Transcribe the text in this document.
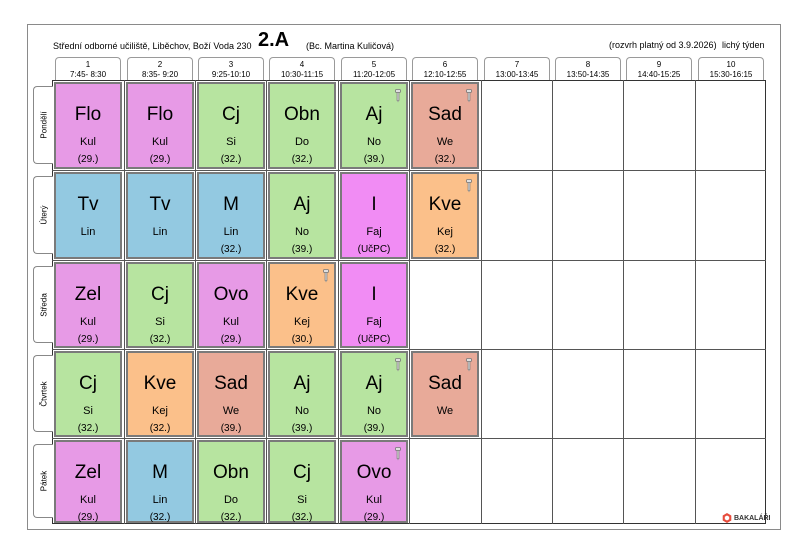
Střední odborné učiliště, Liběchov, Boží Voda 230 2.A (Bc. Martina Kuličová)	(rozvrh platný od 3.9.2026) lichý týden
1
7:45- 8:30
2
8:35- 9:20
3
9:25-10:10
4
10:30-11:15
5
11:20-12:05
6
12:10-12:55
7
13:00-13:45
8
13:50-14:35
9
14:40-15:25
10
15:30-16:15
Pondělí
Úterý
Středa
Čtvrtek
Pátek
Flo
Kul
(29.)
Flo
Kul
(29.)
Cj
Si
(32.)
Obn
Do
(32.)
Aj
No
(39.)
Sad
We
(32.)
Tv
Lin
Tv
Lin
M
Lin
(32.)
Aj
No
(39.)
I
Faj
(UčPC)
Kve
Kej
(32.)
Zel
Kul
(29.)
Cj
Si
(32.)
Ovo
Kul
(29.)
Kve
Kej
(30.)
I
Faj
(UčPC)
Cj
Si
(32.)
Kve
Kej
(32.)
Sad
We
(39.)
Aj
No
(39.)
Aj
No
(39.)
Sad
We
Zel
Kul
(29.)
M
Lin
(32.)
Obn
Do
(32.)
Cj
Si
(32.)
Ovo
Kul
(29.)	BAKALÁŘI
